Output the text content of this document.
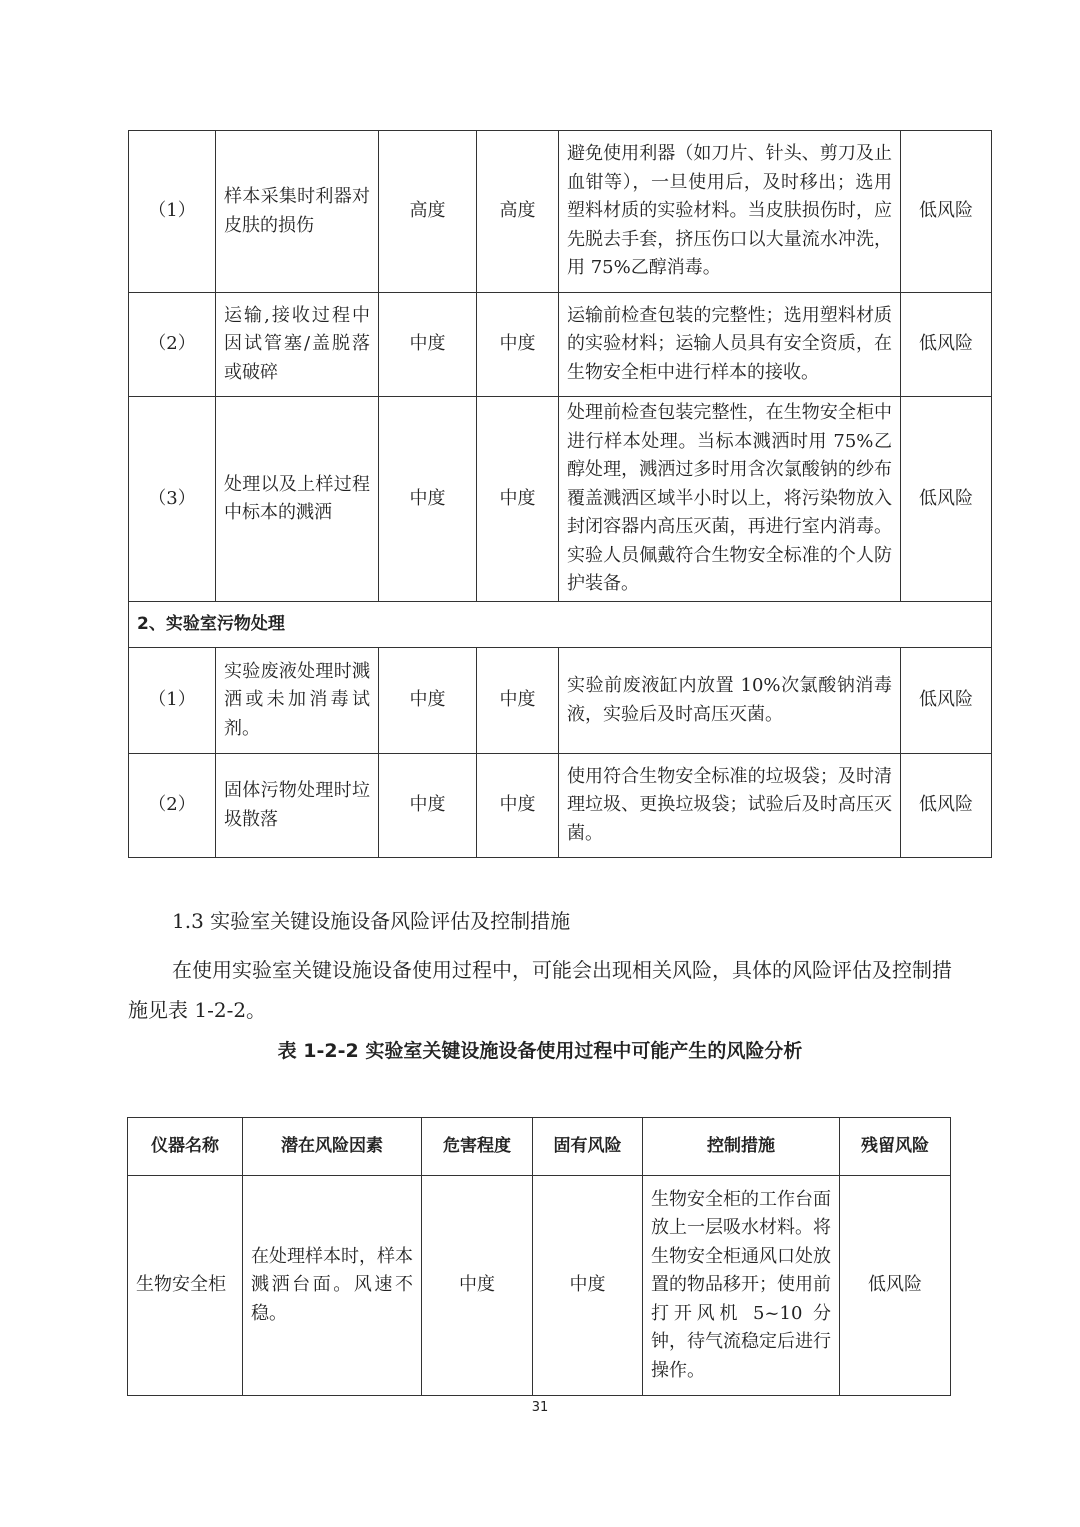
（1）	样本采集时利器对皮肤的损伤	高度	高度	避免使用利器（如刀片、针头、剪刀及止血钳等），一旦使用后，及时移出；选用塑料材质的实验材料。当皮肤损伤时，应先脱去手套，挤压伤口以大量流水冲洗，用 75%乙醇消毒。	低风险
（2）	运输,接收过程中因试管塞/盖脱落或破碎	中度	中度	运输前检查包装的完整性；选用塑料材质的实验材料；运输人员具有安全资质，在生物安全柜中进行样本的接收。	低风险
（3）	处理以及上样过程中标本的溅洒	中度	中度	处理前检查包装完整性，在生物安全柜中进行样本处理。当标本溅洒时用 75%乙醇处理，溅洒过多时用含次氯酸钠的纱布覆盖溅洒区域半小时以上，将污染物放入封闭容器内高压灭菌，再进行室内消毒。实验人员佩戴符合生物安全标准的个人防护装备。	低风险
2、实验室污物处理					
（1）	实验废液处理时溅洒或未加消毒试剂。	中度	中度	实验前废液缸内放置 10%次氯酸钠消毒液，实验后及时高压灭菌。	低风险
（2）	固体污物处理时垃圾散落	中度	中度	使用符合生物安全标准的垃圾袋；及时清理垃圾、更换垃圾袋；试验后及时高压灭菌。	低风险

1.3 实验室关键设施设备风险评估及控制措施

在使用实验室关键设施设备使用过程中，可能会出现相关风险，具体的风险评估及控制措施见表 1-2-2。

表 1-2-2 实验室关键设施设备使用过程中可能产生的风险分析
仪器名称	潜在风险因素	危害程度	固有风险	控制措施	残留风险
生物安全柜	在处理样本时，样本溅洒台面。风速不稳。	中度	中度	生物安全柜的工作台面放上一层吸水材料。将生物安全柜通风口处放置的物品移开；使用前打开风机 5~10 分钟，待气流稳定后进行操作。	低风险
31
